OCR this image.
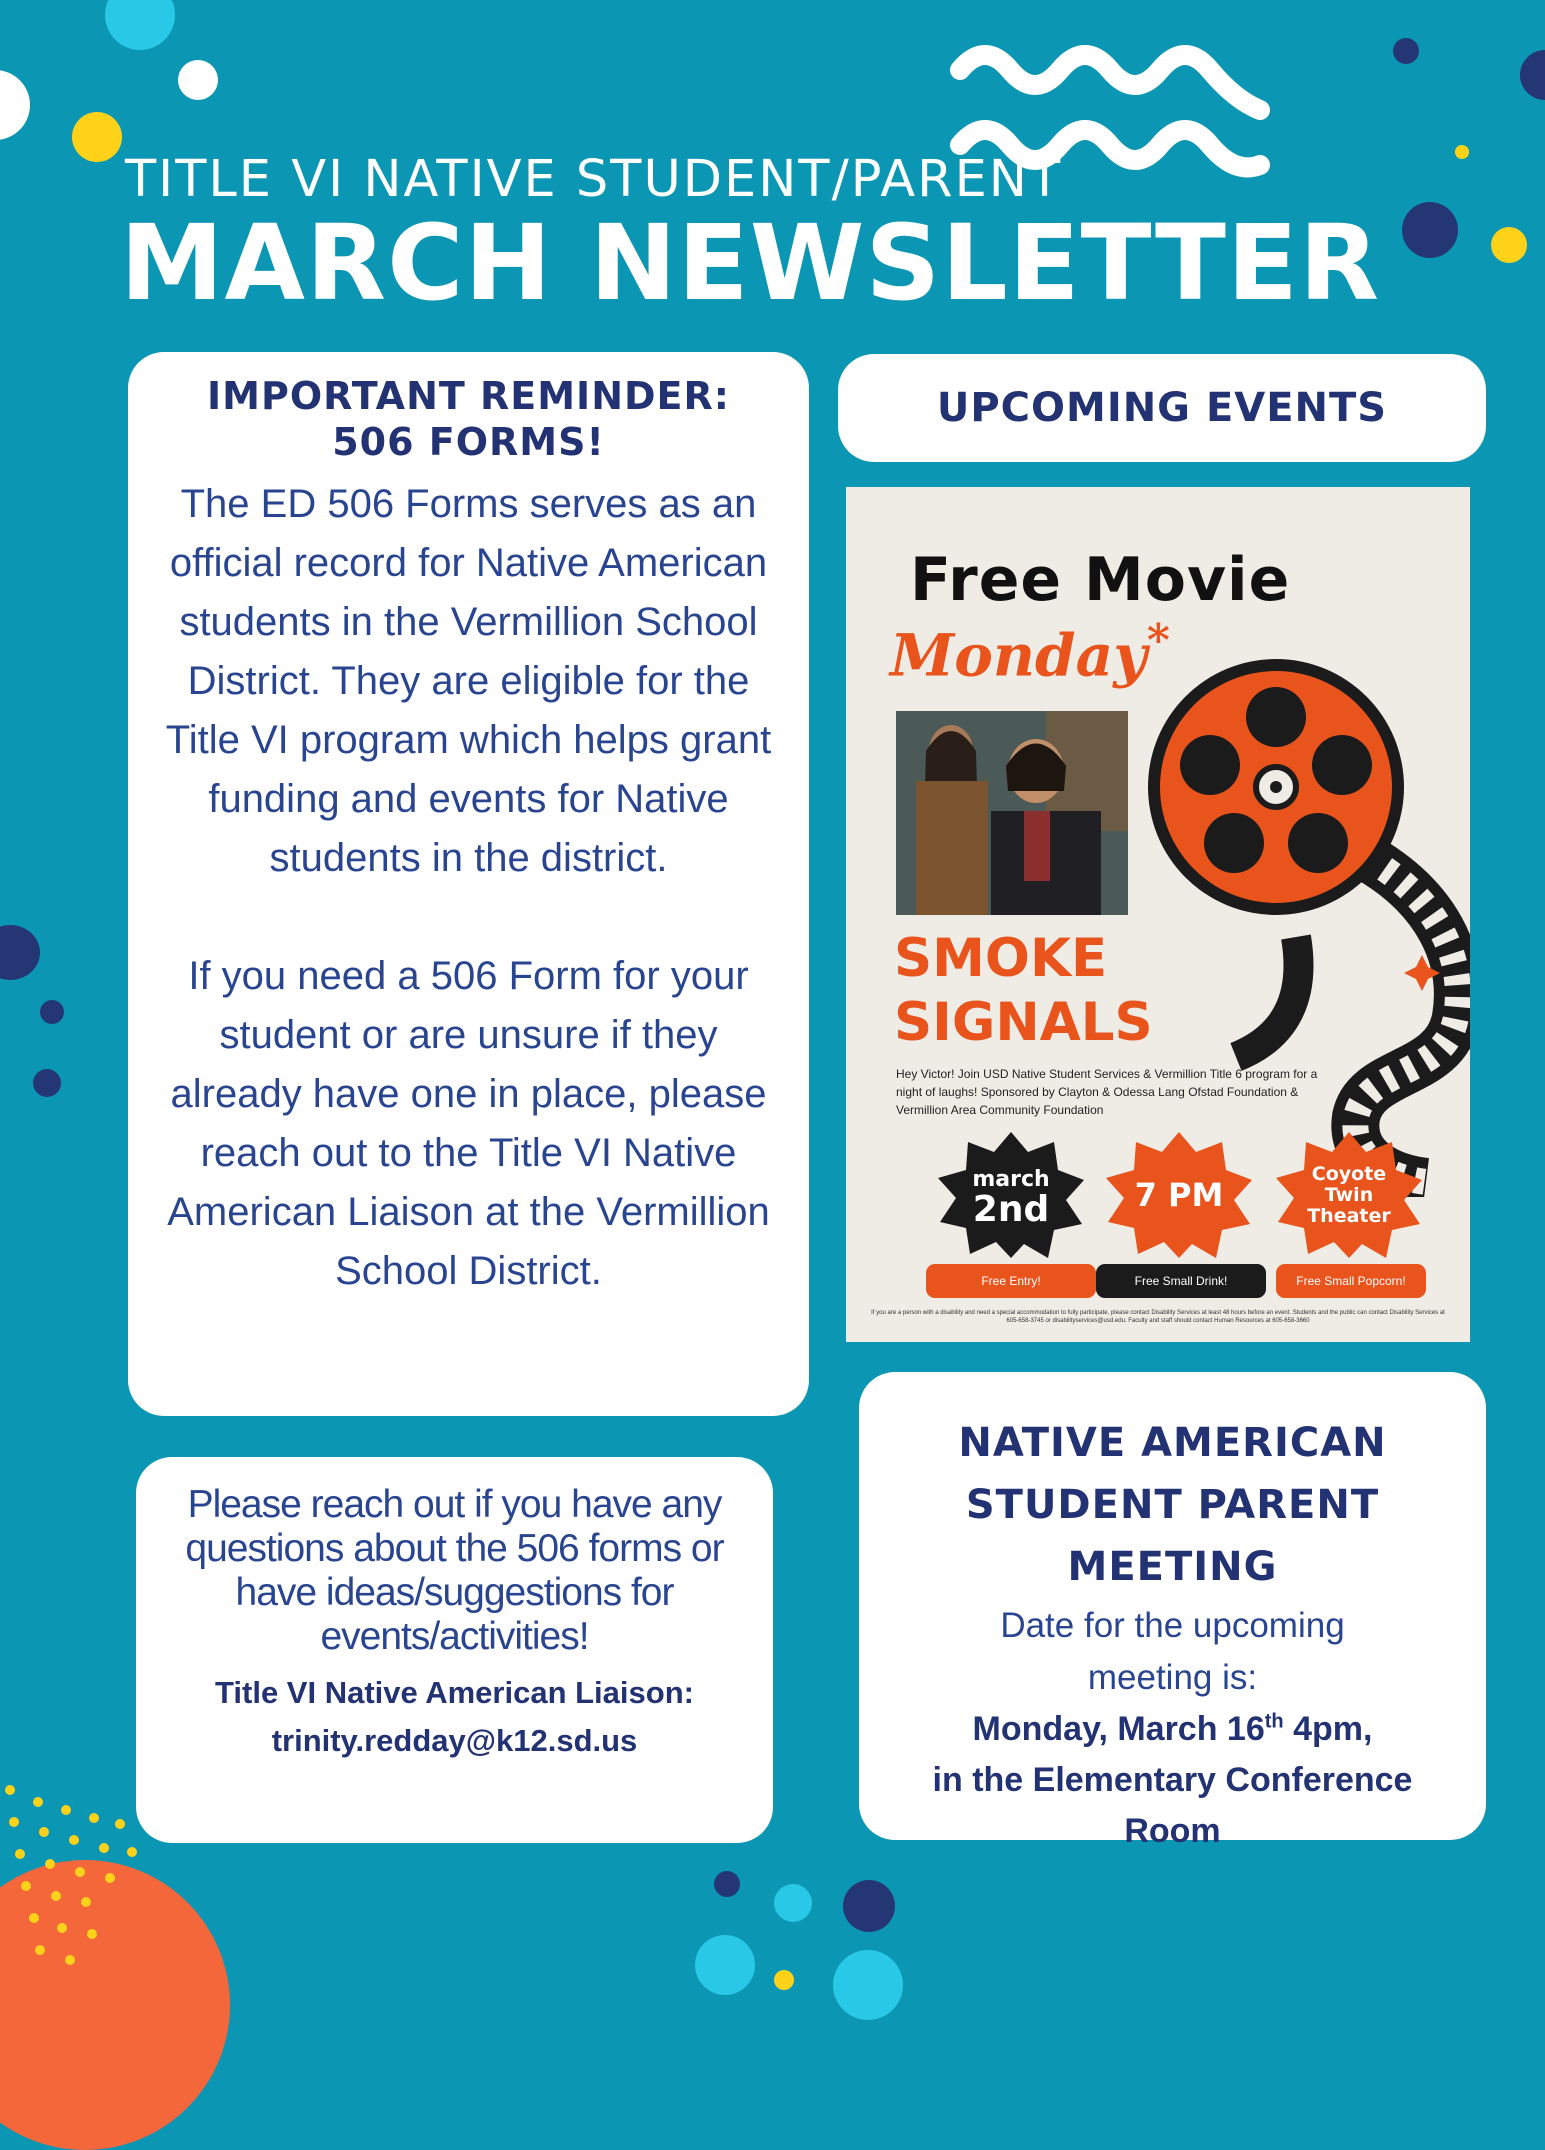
TITLE VI NATIVE STUDENT/PARENT
MARCH NEWSLETTER
IMPORTANT REMINDER:
506 FORMS!

The ED 506 Forms serves as an official record for Native American students in the Vermillion School District. They are eligible for the Title VI program which helps grant funding and events for Native students in the district.

If you need a 506 Form for your student or are unsure if they already have one in place, please reach out to the Title VI Native American Liaison at the Vermillion School District.

Please reach out if you have any questions about the 506 forms or have ideas/suggestions for events/activities!
Title VI Native American Liaison:
trinity.redday@k12.sd.us
UPCOMING EVENTS
Free Movie
Monday*
SMOKE
SIGNALS
Hey Victor! Join USD Native Student Services & Vermillion Title 6 program for a night of laughs! Sponsored by Clayton & Odessa Lang Ofstad Foundation & Vermillion Area Community Foundation
march
2nd	7 PM
Coyote
Twin
Theater
Free Entry!	Free Small Drink!	Free Small Popcorn!
If you are a person with a disability and need a special accommodation to fully participate, please contact Disability Services at least 48 hours before an event. Students and the public can contact Disability Services at 605-658-3745 or disabilityservices@usd.edu. Faculty and staff should contact Human Resources at 605-658-3660
NATIVE AMERICAN
STUDENT PARENT
MEETING
Date for the upcoming
meeting is:
Monday, March 16th 4pm,
in the Elementary Conference
Room
